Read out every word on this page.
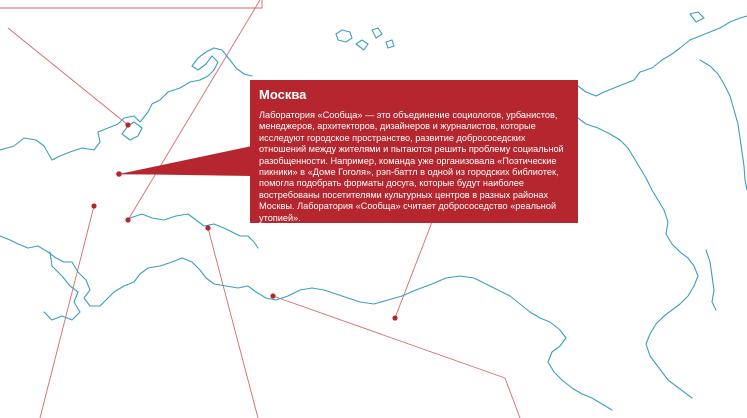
Москва

Лаборатория «Сообща» — это объединение социологов, урбанистов, менеджеров, архитекторов, дизайнеров и журналистов, которые исследуют городское пространство, развитие добрососедских отношений между жителями и пытаются решить проблему социальной разобщенности. Например, команда уже организовала «Поэтические пикники» в «Доме Гоголя», рэп-баттл в одной из городских библиотек, помогла подобрать форматы досуга, которые будут наиболее востребованы посетителями культурных центров в разных районах Москвы. Лаборатория «Сообща» считает добрососедство «реальной утопией».
